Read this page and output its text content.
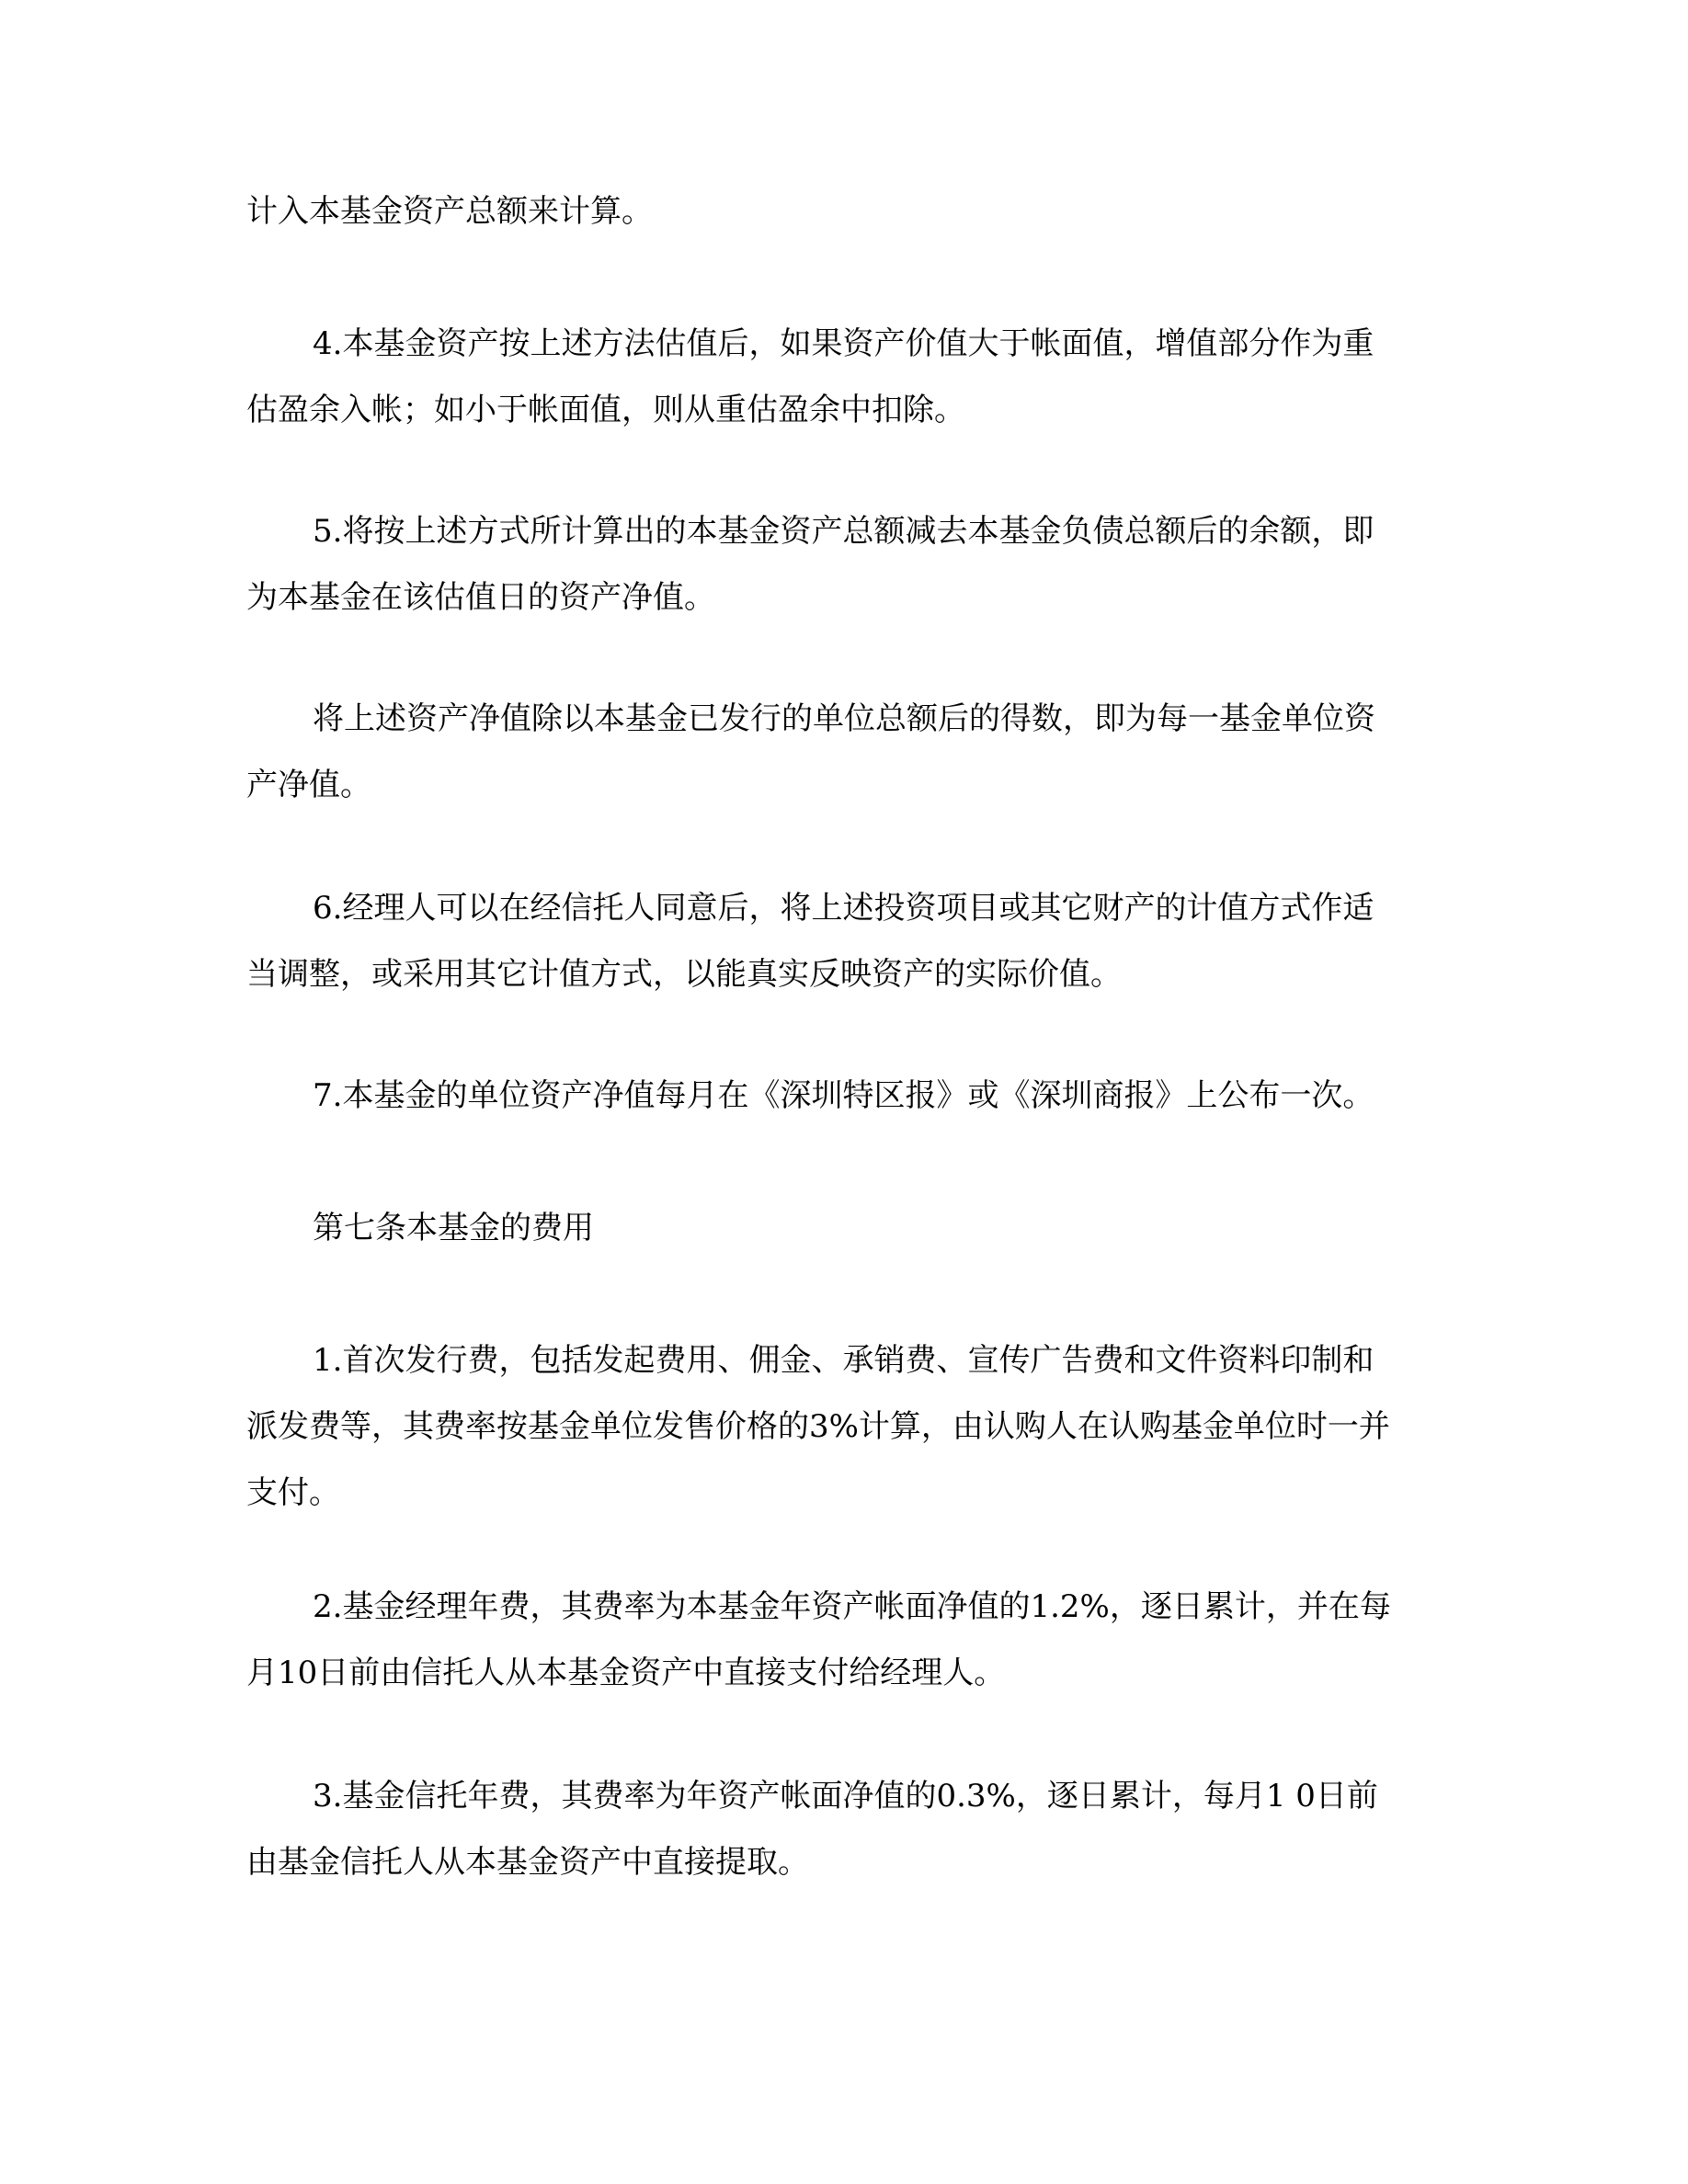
计入本基金资产总额来计算。

4.本基金资产按上述方法估值后，如果资产价值大于帐面值，增值部分作为重
估盈余入帐；如小于帐面值，则从重估盈余中扣除。

5.将按上述方式所计算出的本基金资产总额减去本基金负债总额后的余额，即
为本基金在该估值日的资产净值。

将上述资产净值除以本基金已发行的单位总额后的得数，即为每一基金单位资
产净值。

6.经理人可以在经信托人同意后，将上述投资项目或其它财产的计值方式作适
当调整，或采用其它计值方式，以能真实反映资产的实际价值。

7.本基金的单位资产净值每月在《深圳特区报》或《深圳商报》上公布一次。

第七条本基金的费用

1.首次发行费，包括发起费用、佣金、承销费、宣传广告费和文件资料印制和
派发费等，其费率按基金单位发售价格的3%计算，由认购人在认购基金单位时一并
支付。

2.基金经理年费，其费率为本基金年资产帐面净值的1.2%，逐日累计，并在每
月10日前由信托人从本基金资产中直接支付给经理人。

3.基金信托年费，其费率为年资产帐面净值的0.3%，逐日累计，每月1 0日前
由基金信托人从本基金资产中直接提取。
